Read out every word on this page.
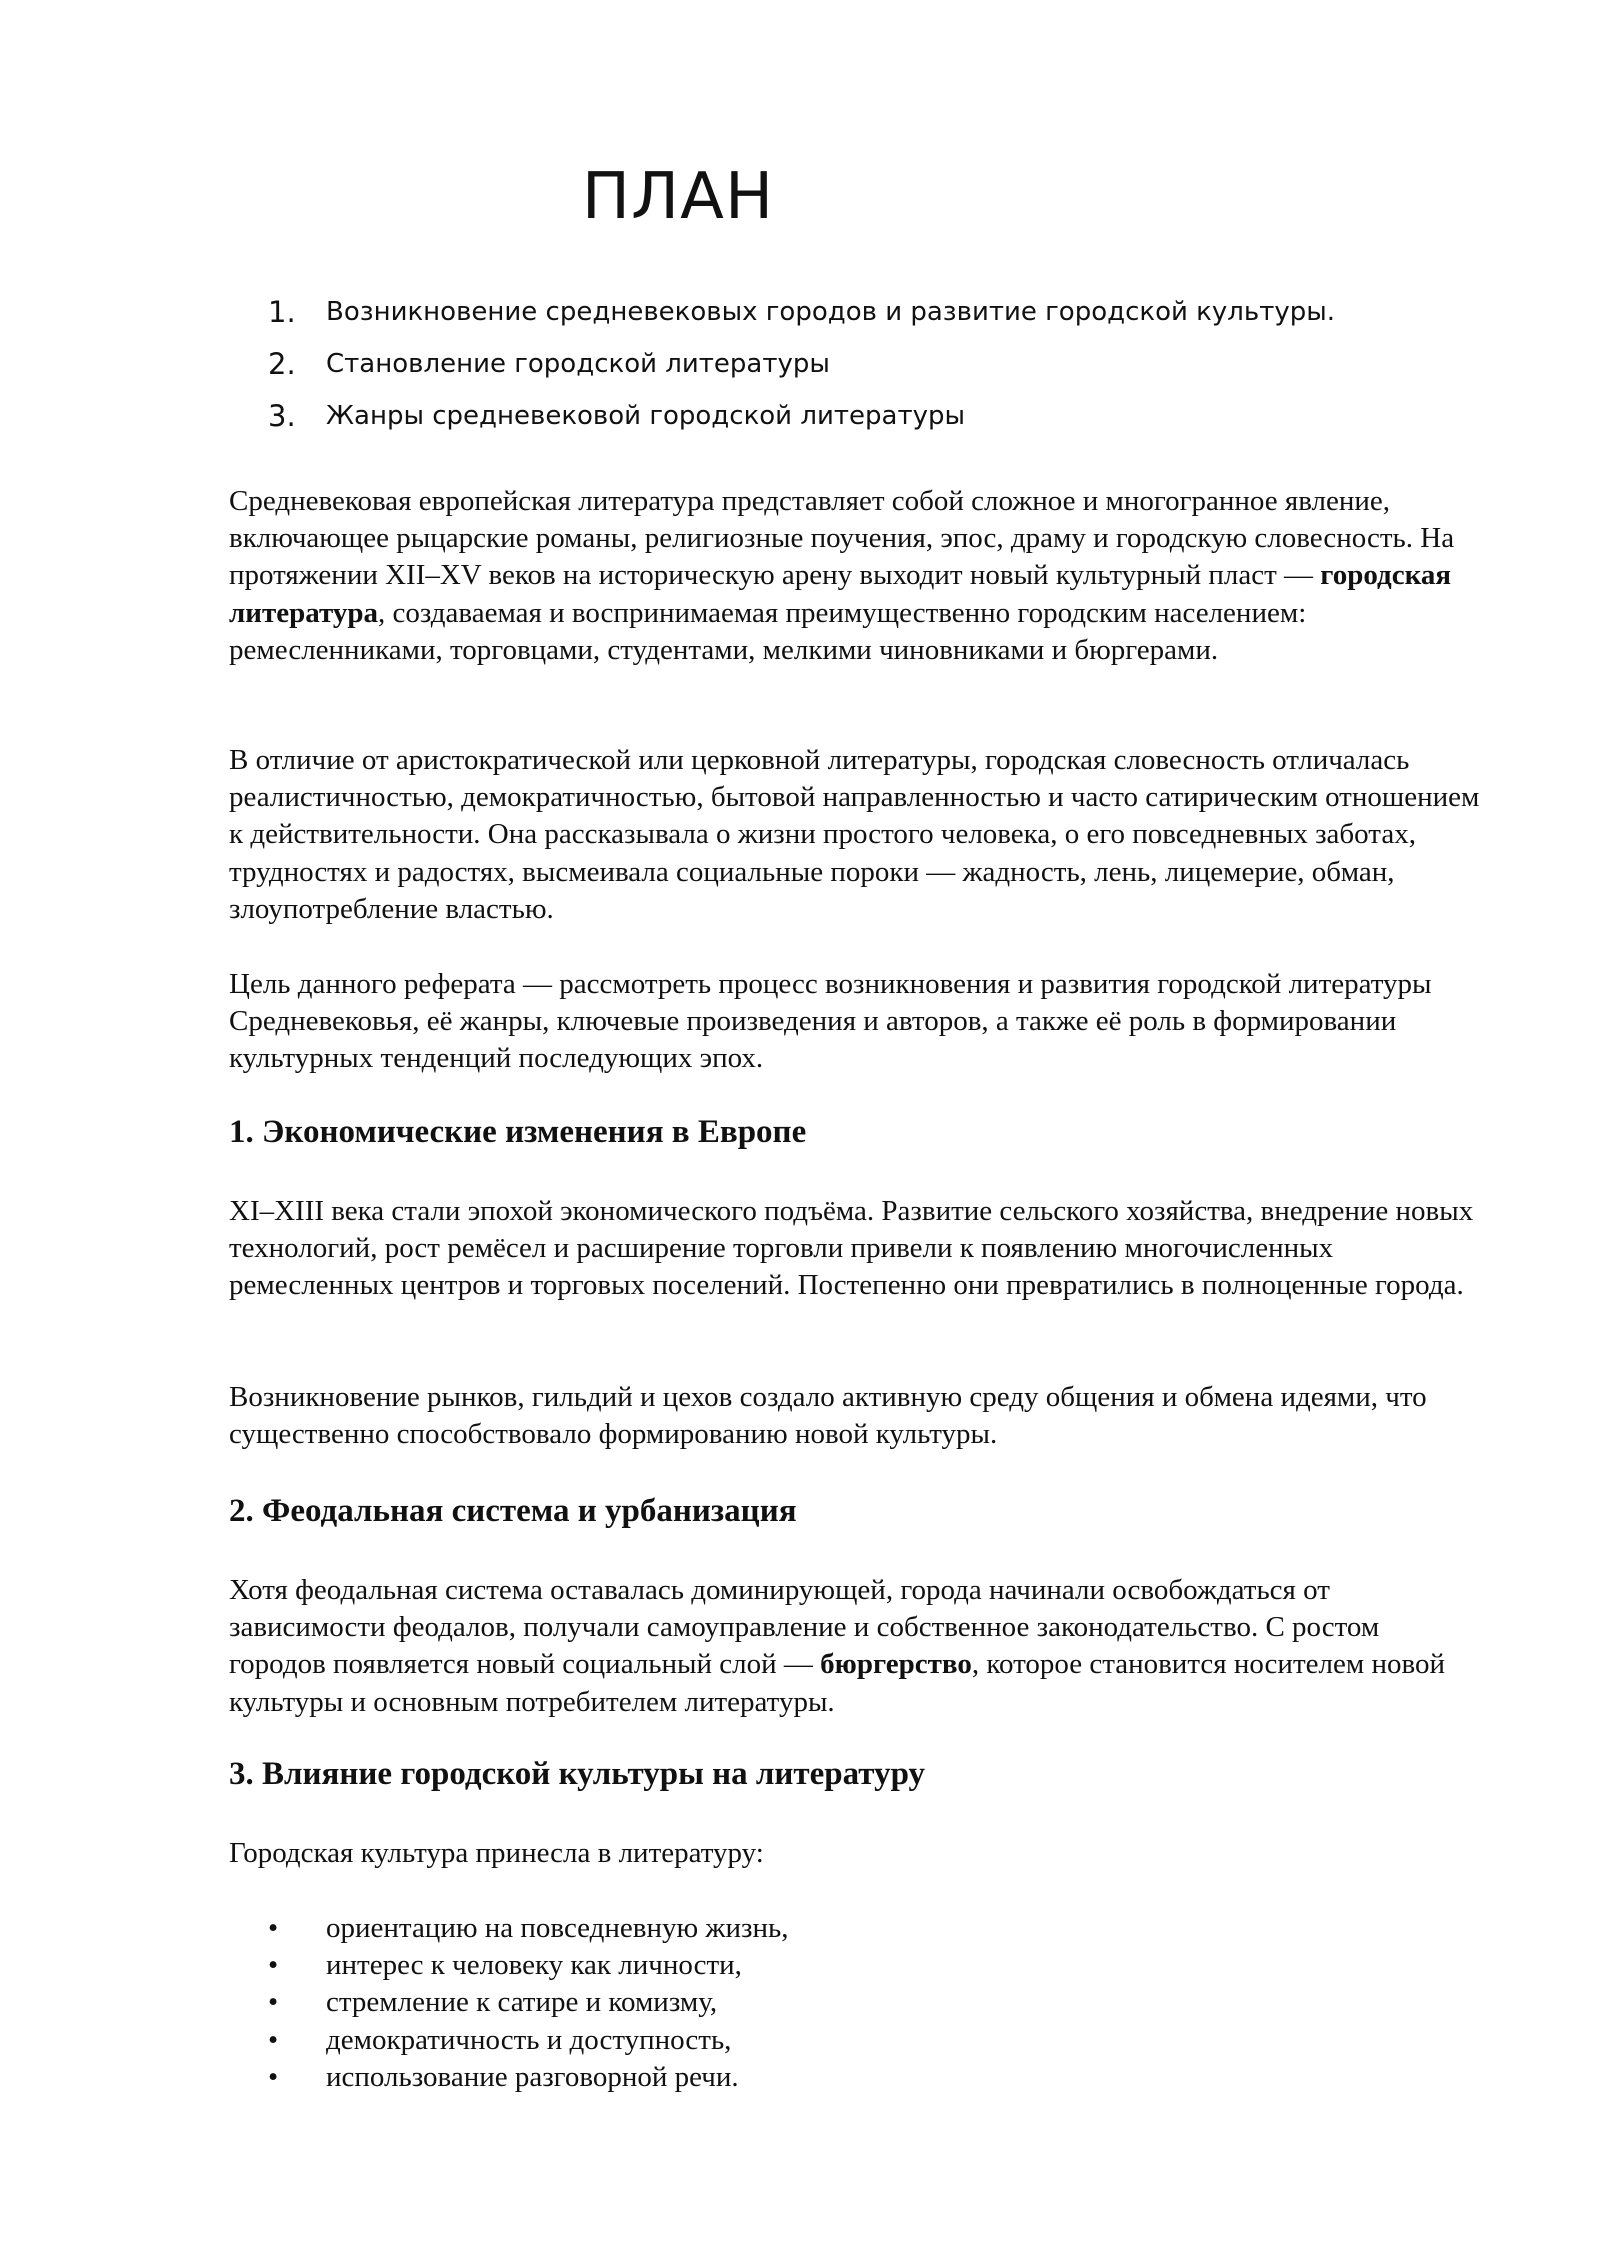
ПЛАН
1.	Возникновение средневековых городов и развитие городской культуры.
2.	Становление городской литературы
3.	Жанры средневековой городской литературы

Средневековая европейская литература представляет собой сложное и многогранное явление, включающее рыцарские романы, религиозные поучения, эпос, драму и городскую словесность. На протяжении XII–XV веков на историческую арену выходит новый культурный пласт — городская литература, создаваемая и воспринимаемая преимущественно городским населением: ремесленниками, торговцами, студентами, мелкими чиновниками и бюргерами.

В отличие от аристократической или церковной литературы, городская словесность отличалась реалистичностью, демократичностью, бытовой направленностью и часто сатирическим отношением к действительности. Она рассказывала о жизни простого человека, о его повседневных заботах, трудностях и радостях, высмеивала социальные пороки — жадность, лень, лицемерие, обман, злоупотребление властью.

Цель данного реферата — рассмотреть процесс возникновения и развития городской литературы Средневековья, её жанры, ключевые произведения и авторов, а также её роль в формировании культурных тенденций последующих эпох.

1. Экономические изменения в Европе

XI–XIII века стали эпохой экономического подъёма. Развитие сельского хозяйства, внедрение новых технологий, рост ремёсел и расширение торговли привели к появлению многочисленных ремесленных центров и торговых поселений. Постепенно они превратились в полноценные города.

Возникновение рынков, гильдий и цехов создало активную среду общения и обмена идеями, что существенно способствовало формированию новой культуры.

2. Феодальная система и урбанизация

Хотя феодальная система оставалась доминирующей, города начинали освобождаться от зависимости феодалов, получали самоуправление и собственное законодательство. С ростом городов появляется новый социальный слой — бюргерство, которое становится носителем новой культуры и основным потребителем литературы.

3. Влияние городской культуры на литературу

Городская культура принесла в литературу:

•	ориентацию на повседневную жизнь,
•	интерес к человеку как личности,
•	стремление к сатире и комизму,
•	демократичность и доступность,
•	использование разговорной речи.
